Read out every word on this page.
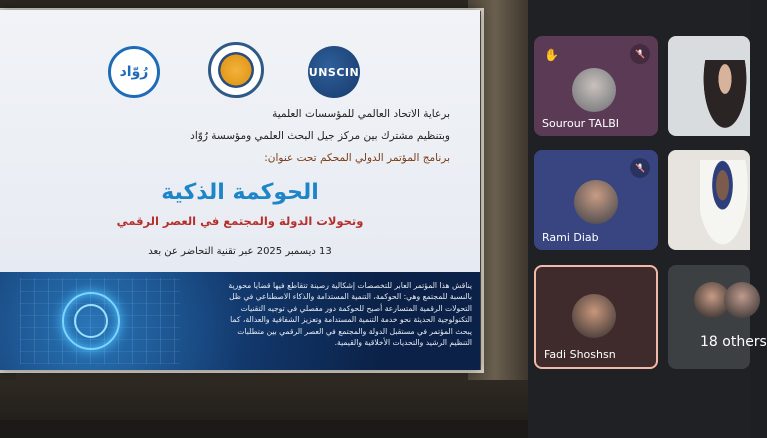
رُوّاد	UNSCIN
برعاية الاتحاد العالمي للمؤسسات العلمية
وبتنظيم مشترك بين مركز جيل البحث العلمي ومؤسسة رُوّاد
برنامج المؤتمر الدولي المحكم تحت عنوان:
الحوكمة الذكية
وتحولات الدولة والمجتمع في العصر الرقمي
13 ديسمبر 2025 عبر تقنية التحاضر عن بعد
يناقش هذا المؤتمر العابر للتخصصات إشكالية رصينة تتقاطع فيها قضايا محورية بالنسبة للمجتمع وهي: الحوكمة، التنمية المستدامة والذكاء الاصطناعي في ظل التحولات الرقمية المتسارعة أصبح للحوكمة دور مفصلي في توجيه التقنيات التكنولوجية الحديثة نحو خدمة التنمية المستدامة وتعزيز الشفافية والعدالة، كما يبحث المؤتمر في مستقبل الدولة والمجتمع في العصر الرقمي بين متطلبات التنظيم الرشيد والتحديات الأخلاقية والقيمية.
✋
Sourour TALBI
Rami Diab
Fadi Shoshsn
18 others
